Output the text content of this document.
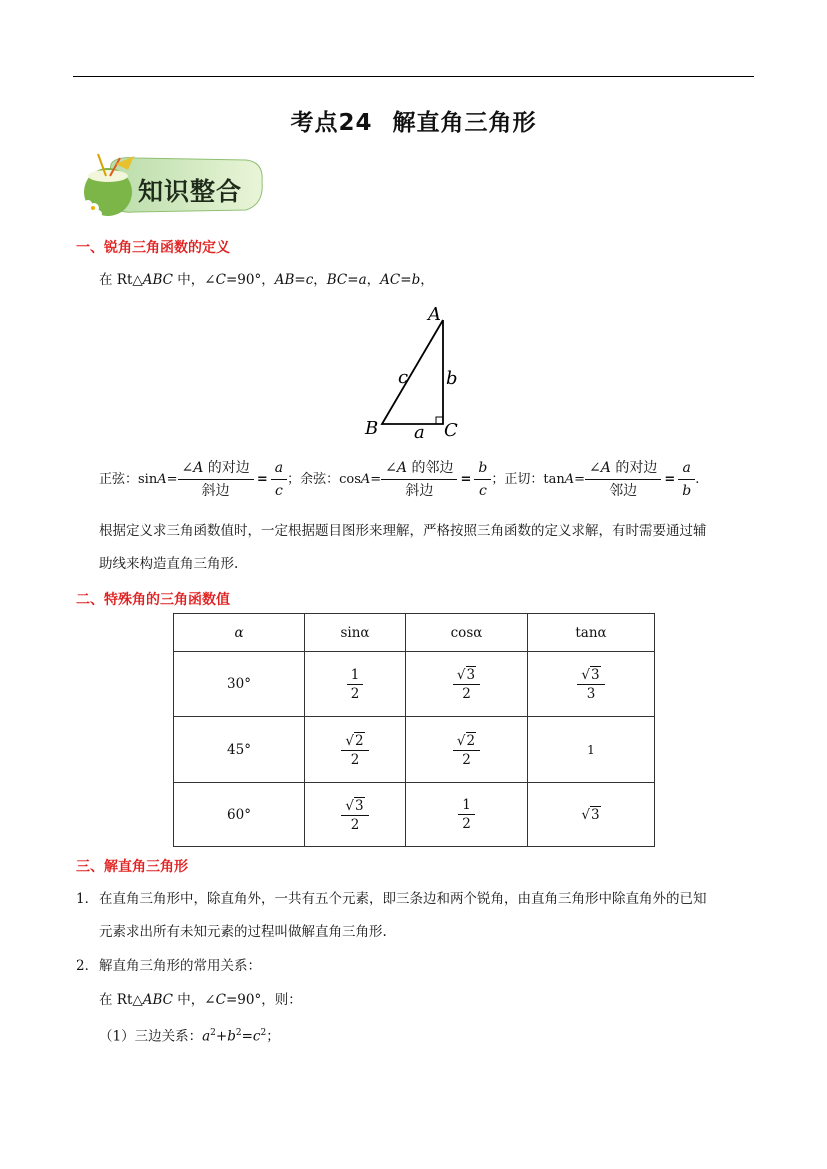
考点24 解直角三角形
知识整合
一、锐角三角函数的定义
在 Rt△ABC 中，∠C=90°，AB=c，BC=a，AC=b，
A
B	C
a
b
c
正弦：$\sin A= \frac{\text{∠A 的对边}}{\text{斜边}} = \frac{a}{c}$ ；余弦：$\cos A= \frac{\text{∠A 的邻边}}{\text{斜边}} = \frac{b}{c}$ ；正切：$\tan A= \frac{\text{∠A 的对边}}{\text{邻边}} = \frac{a}{b}$ .
根据定义求三角函数值时，一定根据题目图形来理解，严格按照三角函数的定义求解，有时需要通过辅
助线来构造直角三角形.
二、特殊角的三角函数值
α	sinα	cosα	tanα
30°	$\frac{1}{2}$	$\frac{√3}{2}$	$\frac{√3}{3}$

45°	$\frac{√2}{2}$	$\frac{√2}{2}$	1
60°	$\frac{√3}{2}$	$\frac{1}{2}$	√3
三、解直角三角形
1． 在直角三角形中，除直角外，一共有五个元素，即三条边和两个锐角，由直角三角形中除直角外的已知
元素求出所有未知元素的过程叫做解直角三角形.
2． 解直角三角形的常用关系：
在 Rt△ABC 中，∠C=90°，则：
（1）三边关系：$a^2+b^2=c^2$；
